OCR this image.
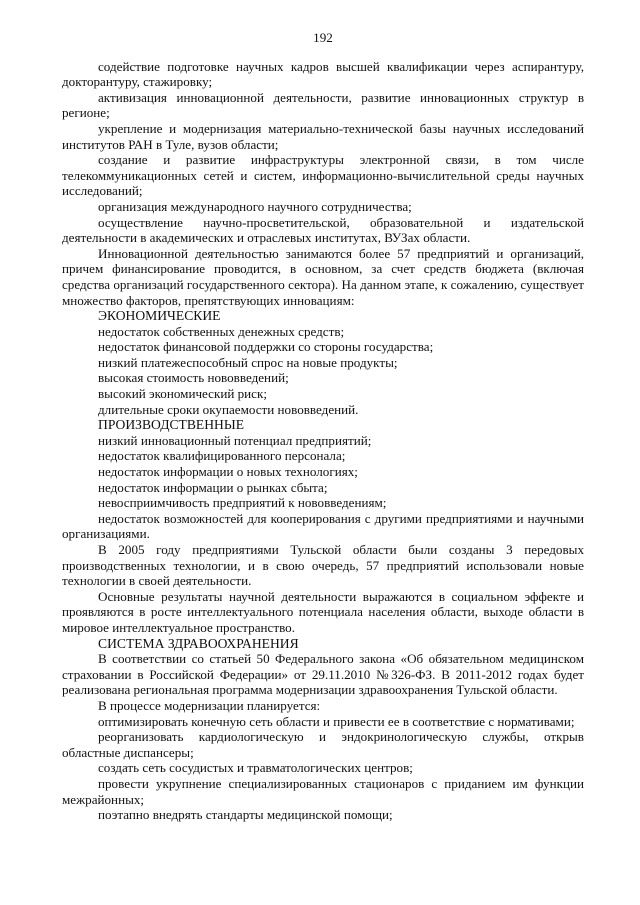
192

содействие подготовке научных кадров высшей квалификации через аспирантуру, докторантуру, стажировку;

активизация инновационной деятельности, развитие инновационных структур в регионе;

укрепление и модернизация материально-технической базы научных исследований институтов РАН в Туле, вузов области;

создание и развитие инфраструктуры электронной связи, в том числе телекоммуникационных сетей и систем, информационно-вычислительной среды научных исследований;

организация международного научного сотрудничества;

осуществление научно-просветительской, образовательной и издательской деятельности в академических и отраслевых институтах, ВУЗах области.

Инновационной деятельностью занимаются более 57 предприятий и организаций, причем финансирование проводится, в основном, за счет средств бюджета (включая средства организаций государственного сектора). На данном этапе, к сожалению, существует множество факторов, препятствующих инновациям:

ЭКОНОМИЧЕСКИЕ

недостаток собственных денежных средств;

недостаток финансовой поддержки со стороны государства;

низкий платежеспособный спрос на новые продукты;

высокая стоимость нововведений;

высокий экономический риск;

длительные сроки окупаемости нововведений.

ПРОИЗВОДСТВЕННЫЕ

низкий инновационный потенциал предприятий;

недостаток квалифицированного персонала;

недостаток информации о новых технологиях;

недостаток информации о рынках сбыта;

невосприимчивость предприятий к нововведениям;

недостаток возможностей для кооперирования с другими предприятиями и научными организациями.

В 2005 году предприятиями Тульской области были созданы 3 передовых производственных технологии, и в свою очередь, 57 предприятий использовали новые технологии в своей деятельности.

Основные результаты научной деятельности выражаются в социальном эффекте и проявляются в росте интеллектуального потенциала населения области, выходе области в мировое интеллектуальное пространство.

СИСТЕМА ЗДРАВООХРАНЕНИЯ

В соответствии со статьей 50 Федерального закона «Об обязательном медицинском страховании в Российской Федерации» от 29.11.2010 №326-ФЗ. В 2011-2012 годах будет реализована региональная программа модернизации здравоохранения Тульской области.

В процессе модернизации планируется:

оптимизировать конечную сеть области и привести ее в соответствие с нормативами;

реорганизовать кардиологическую и эндокринологическую службы, открыв областные диспансеры;

создать сеть сосудистых и травматологических центров;

провести укрупнение специализированных стационаров с приданием им функции межрайонных;

поэтапно внедрять стандарты медицинской помощи;
